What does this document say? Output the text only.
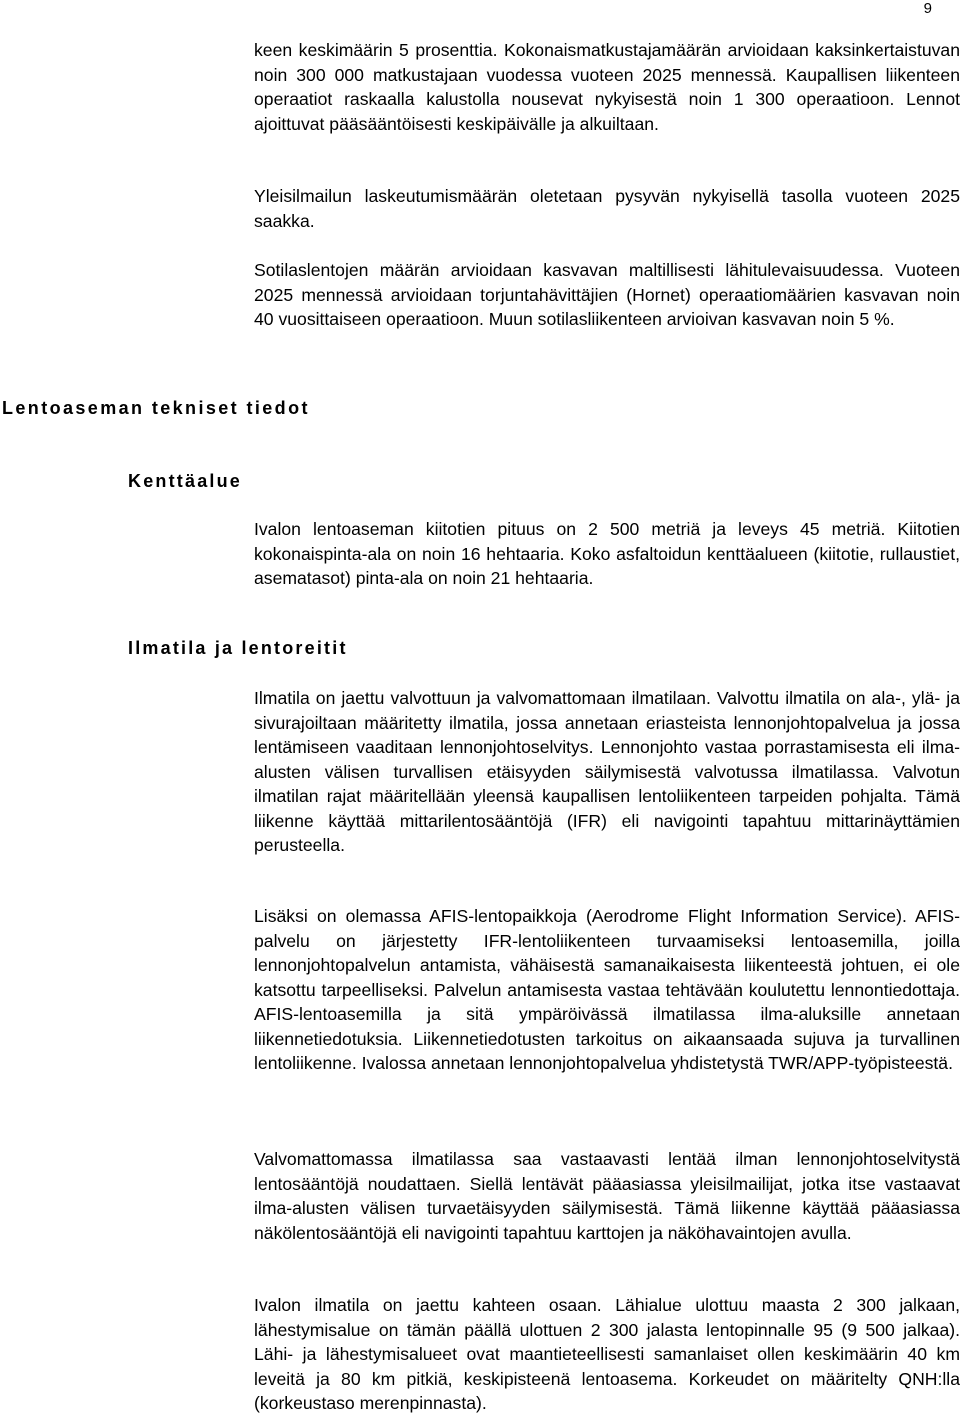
9

keen keskimäärin 5 prosenttia. Kokonaismatkustajamäärän arvioidaan kaksinkertaistuvan noin 300 000 matkustajaan vuodessa vuoteen 2025 mennessä. Kaupallisen liikenteen operaatiot raskaalla kalustolla nousevat nykyisestä noin 1 300 operaatioon. Lennot ajoittuvat pääsääntöisesti keskipäivälle ja alkuiltaan.

Yleisilmailun laskeutumismäärän oletetaan pysyvän nykyisellä tasolla vuoteen 2025 saakka.

Sotilaslentojen määrän arvioidaan kasvavan maltillisesti lähitulevaisuudessa. Vuoteen 2025 mennessä arvioidaan torjuntahävittäjien (Hornet) operaatiomäärien kasvavan noin 40 vuosittaiseen operaatioon. Muun sotilasliikenteen arvioivan kasvavan noin 5 %.

Lentoaseman tekniset tiedot
Kenttäalue

Ivalon lentoaseman kiitotien pituus on 2 500 metriä ja leveys 45 metriä. Kiitotien kokonaispinta-ala on noin 16 hehtaaria. Koko asfaltoidun kenttäalueen (kiitotie, rullaustiet, asematasot) pinta-ala on noin 21 hehtaaria.

Ilmatila ja lentoreitit

Ilmatila on jaettu valvottuun ja valvomattomaan ilmatilaan. Valvottu ilmatila on ala-, ylä- ja sivurajoiltaan määritetty ilmatila, jossa annetaan eriasteista lennonjohtopalvelua ja jossa lentämiseen vaaditaan lennonjohtoselvitys. Lennonjohto vastaa porrastamisesta eli ilma-alusten välisen turvallisen etäisyyden säilymisestä valvotussa ilmatilassa. Valvotun ilmatilan rajat määritellään yleensä kaupallisen lentoliikenteen tarpeiden pohjalta. Tämä liikenne käyttää mittarilentosääntöjä (IFR) eli navigointi tapahtuu mittarinäyttämien perusteella.

Lisäksi on olemassa AFIS-lentopaikkoja (Aerodrome Flight Information Service). AFIS-palvelu on järjestetty IFR-lentoliikenteen turvaamiseksi lentoasemilla, joilla lennonjohtopalvelun antamista, vähäisestä samanaikaisesta liikenteestä johtuen, ei ole katsottu tarpeelliseksi. Palvelun antamisesta vastaa tehtävään koulutettu lennontiedottaja. AFIS-lentoasemilla ja sitä ympäröivässä ilmatilassa ilma-aluksille annetaan liikennetiedotuksia. Liikennetiedotusten tarkoitus on aikaansaada sujuva ja turvallinen lentoliikenne. Ivalossa annetaan lennonjohtopalvelua yhdistetystä TWR/APP-työpisteestä.

Valvomattomassa ilmatilassa saa vastaavasti lentää ilman lennonjohtoselvitystä lentosääntöjä noudattaen. Siellä lentävät pääasiassa yleisilmailijat, jotka itse vastaavat ilma-alusten välisen turvaetäisyyden säilymisestä. Tämä liikenne käyttää pääasiassa näkölentosääntöjä eli navigointi tapahtuu karttojen ja näköhavaintojen avulla.

Ivalon ilmatila on jaettu kahteen osaan. Lähialue ulottuu maasta 2 300 jalkaan, lähestymisalue on tämän päällä ulottuen 2 300 jalasta lentopinnalle 95 (9 500 jalkaa). Lähi- ja lähestymisalueet ovat maantieteellisesti samanlaiset ollen keskimäärin 40 km leveitä ja 80 km pitkiä, keskipisteenä lentoasema. Korkeudet on määritelty QNH:lla (korkeustaso merenpinnasta).
